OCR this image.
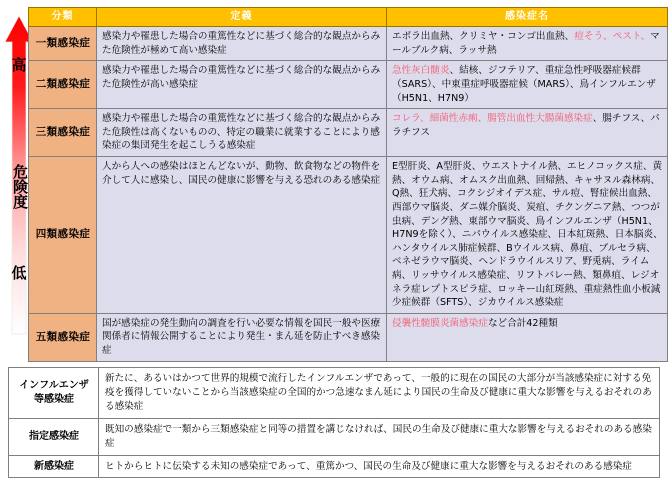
高
危険度
低
分類	定義	感染症名
一類感染症	感染力や罹患した場合の重篤性などに基づく総合的な観点からみた危険性が極めて高い感染症	エボラ出血熱、クリミヤ・コンゴ出血熱、痘そう、ペスト、マールブルク病、ラッサ熱
二類感染症	感染力や罹患した場合の重篤性などに基づく総合的な観点からみた危険性が高い感染症	急性灰白髄炎、結核、ジフテリア、重症急性呼吸器症候群（SARS）、中東重症呼吸器症候（MARS）、鳥インフルエンザ（H5N1、H7N9）
三類感染症	感染力や罹患した場合の重篤性などに基づく総合的な観点からみた危険性は高くないものの、特定の職業に就業することにより感染症の集団発生を起こしうる感染症	コレラ、細菌性赤痢、腸管出血性大腸菌感染症、腸チフス、パラチフス
四類感染症	人から人への感染はほとんどないが、動物、飲食物などの物件を介して人に感染し、国民の健康に影響を与える恐れのある感染症	E型肝炎、A型肝炎、ウエストナイル熱、エヒノコックス症、黄熱、オウム病、オムスク出血熱、回帰熱、キャサヌル森林病、Q熱、狂犬病、コクシジオイデス症、サル痘、腎症候出血熱、西部ウマ脳炎、ダニ媒介脳炎、炭疽、チクングニア熱、つつが虫病、デング熱、東部ウマ脳炎、鳥インフルエンザ（H5N1、H7N9を除く）、ニパウイルス感染症、日本紅斑熱、日本脳炎、ハンタウイルス肺症候群、Bウイルス病、鼻疽、ブルセラ病、ベネゼラウマ脳炎、ヘンドラウイルスリア、野兎病、ライム病、リッサウイルス感染症、リフトバレー熱、類鼻疽、レジオネラ症レプトスピラ症、ロッキー山紅斑熱、重症熱性血小板減少症候群（SFTS）、ジカウイルス感染症
五類感染症	国が感染症の発生動向の調査を行い必要な情報を国民一般や医療関係者に情報公開することにより発生・まん延を防止すべき感染症	侵襲性髄膜炎菌感染症など合計42種類
インフルエンザ等感染症	新たに、あるいはかつて世界的規模で流行したインフルエンザであって、一般的に現在の国民の大部分が当該感染症に対する免疫を獲得していないことから当該感染症の全国的かつ急速なまん延により国民の生命及び健康に重大な影響を与えるおそれのある感染症
指定感染症	既知の感染症で一類から三類感染症と同等の措置を講じなければ、国民の生命及び健康に重大な影響を与えるおそれのある感染症
新感染症	ヒトからヒトに伝染する未知の感染症であって、重篤かつ、国民の生命及び健康に重大な影響を与えるおそれのある感染症
